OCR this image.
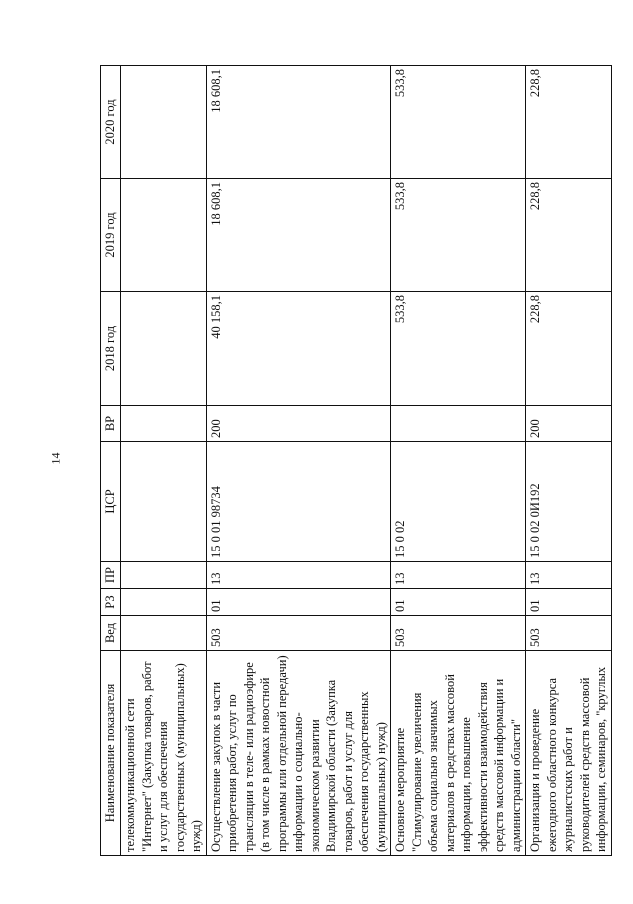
14
Наименование показателя	Вед	РЗ	ПР	ЦСР	ВР	2018 год	2019 год	2020 год
телекоммуникационной сети "Интернет" (Закупка товаров, работ и услуг для обеспечения государственных (муниципальных) нужд)								
Осуществление закупок в части приобретения работ, услуг по трансляции в теле- или радиоэфире (в том числе в рамках новостной программы или отдельной передачи) информации о социально-экономическом развитии Владимирской области (Закупка товаров, работ и услуг для обеспечения государственных (муниципальных) нужд)	503	01	13	15 0 01 98734	200	40 158,1	18 608,1	18 608,1
Основное мероприятие "Стимулирование увеличения объема социально значимых материалов в средствах массовой информации, повышение эффективности взаимодействия средств массовой информации и администрации области"	503	01	13	15 0 02		533,8	533,8	533,8
Организация и проведение ежегодного областного конкурса журналистских работ и руководителей средств массовой информации, семинаров, "круглых	503	01	13	15 0 02 0И192	200	228,8	228,8	228,8
